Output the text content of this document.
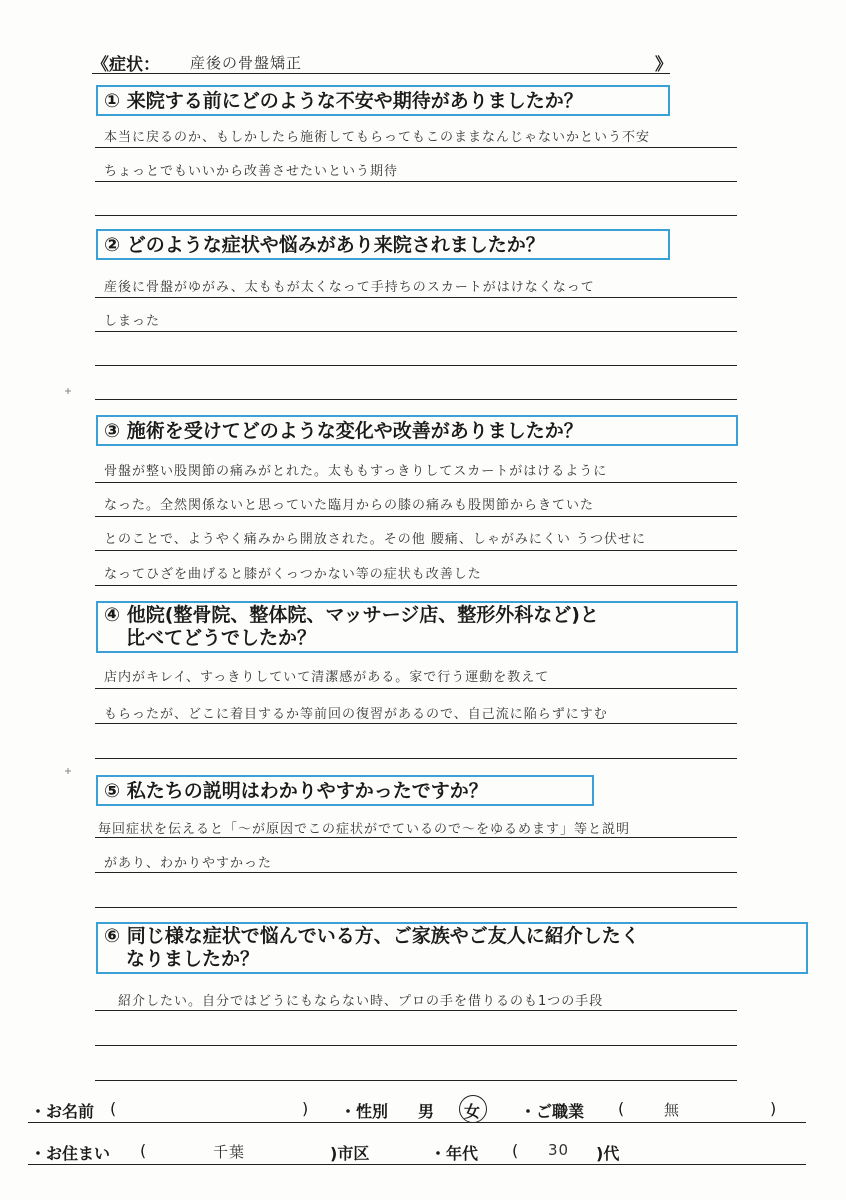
《症状： 産後の骨盤矯正	》
① 来院する前にどのような不安や期待がありましたか？
本当に戻るのか、もしかしたら施術してもらってもこのままなんじゃないかという不安
ちょっとでもいいから改善させたいという期待
② どのような症状や悩みがあり来院されましたか？
産後に骨盤がゆがみ、太ももが太くなって手持ちのスカートがはけなくなって
しまった
③ 施術を受けてどのような変化や改善がありましたか？
骨盤が整い股関節の痛みがとれた。太ももすっきりしてスカートがはけるように
なった。全然関係ないと思っていた臨月からの膝の痛みも股関節からきていた
とのことで、ようやく痛みから開放された。その他 腰痛、しゃがみにくい うつ伏せに
なってひざを曲げると膝がくっつかない等の症状も改善した
④ 他院(整骨院、整体院、マッサージ店、整形外科など)と
比べてどうでしたか？
店内がキレイ、すっきりしていて清潔感がある。家で行う運動を教えて
もらったが、どこに着目するか等前回の復習があるので、自己流に陥らずにすむ
⑤ 私たちの説明はわかりやすかったですか？
毎回症状を伝えると「〜が原因でこの症状がでているので〜をゆるめます」等と説明
があり、わかりやすかった
⑥ 同じ様な症状で悩んでいる方、ご家族やご友人に紹介したく
なりましたか？
紹介したい。自分ではどうにもならない時、プロの手を借りるのも1つの手段
・お名前 (	) ・性別 男 女 ・ご職業 (	無	)
・お住まい (	千葉	)市区	・年代 ( 30 )代
